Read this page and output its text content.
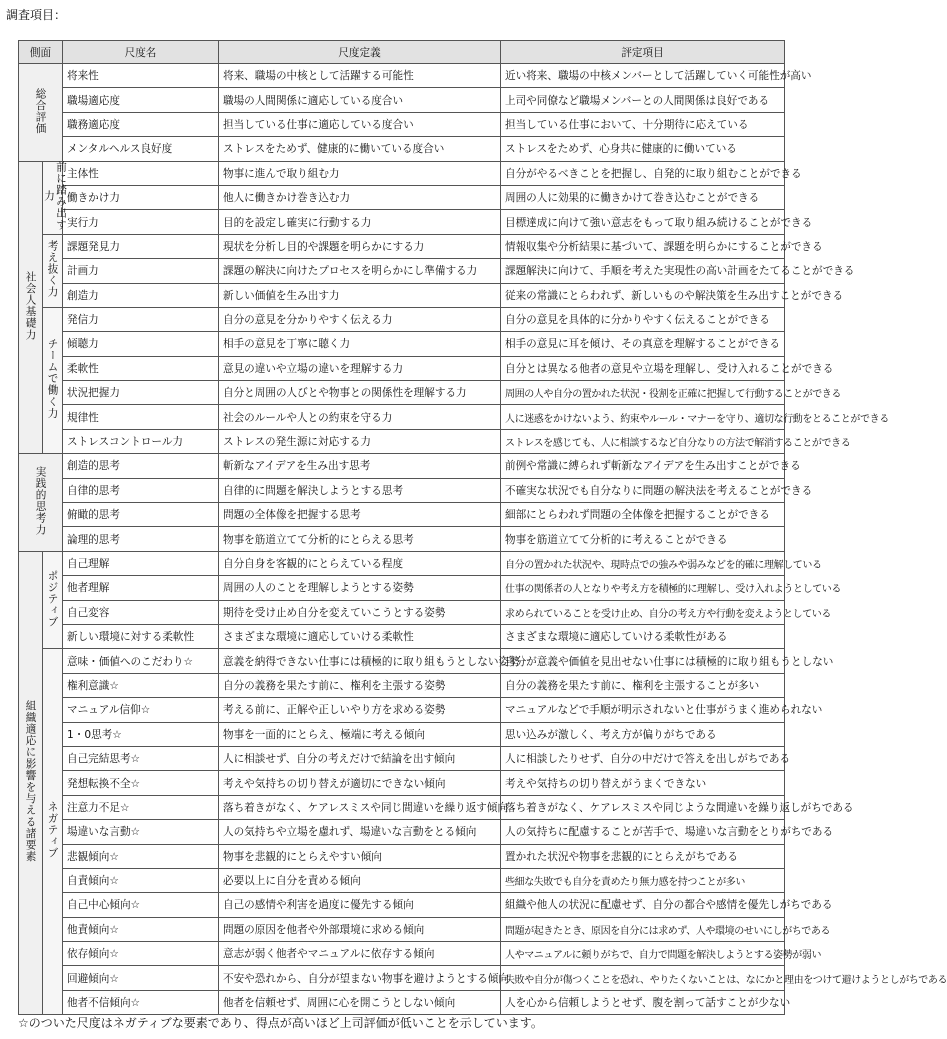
調査項目：
側面		尺度名	尺度定義	評定項目
総合評価		将来性	将来、職場の中核として活躍する可能性	近い将来、職場の中核メンバーとして活躍していく可能性が高い
		職場適応度	職場の人間関係に適応している度合い	上司や同僚など職場メンバーとの人間関係は良好である
		職務適応度	担当している仕事に適応している度合い	担当している仕事において、十分期待に応えている
		メンタルヘルス良好度	ストレスをためず、健康的に働いている度合い	ストレスをためず、心身共に健康的に働いている
社会人基礎力	前に踏み出す力	主体性	物事に進んで取り組む力	自分がやるべきことを把握し、自発的に取り組むことができる
		働きかけ力	他人に働きかけ巻き込む力	周囲の人に効果的に働きかけて巻き込むことができる
		実行力	目的を設定し確実に行動する力	目標達成に向けて強い意志をもって取り組み続けることができる
	考え抜く力	課題発見力	現状を分析し目的や課題を明らかにする力	情報収集や分析結果に基づいて、課題を明らかにすることができる
		計画力	課題の解決に向けたプロセスを明らかにし準備する力	課題解決に向けて、手順を考えた実現性の高い計画をたてることができる
		創造力	新しい価値を生み出す力	従来の常識にとらわれず、新しいものや解決策を生み出すことができる
	チームで働く力	発信力	自分の意見を分かりやすく伝える力	自分の意見を具体的に分かりやすく伝えることができる
		傾聴力	相手の意見を丁寧に聴く力	相手の意見に耳を傾け、その真意を理解することができる
		柔軟性	意見の違いや立場の違いを理解する力	自分とは異なる他者の意見や立場を理解し、受け入れることができる
		状況把握力	自分と周囲の人びとや物事との関係性を理解する力	周囲の人や自分の置かれた状況・役割を正確に把握して行動することができる
		規律性	社会のルールや人との約束を守る力	人に迷惑をかけないよう、約束やルール・マナーを守り、適切な行動をとることができる
		ストレスコントロール力	ストレスの発生源に対応する力	ストレスを感じても、人に相談するなど自分なりの方法で解消することができる
実践的思考力		創造的思考	斬新なアイデアを生み出す思考	前例や常識に縛られず斬新なアイデアを生み出すことができる
		自律的思考	自律的に問題を解決しようとする思考	不確実な状況でも自分なりに問題の解決法を考えることができる
		俯瞰的思考	問題の全体像を把握する思考	細部にとらわれず問題の全体像を把握することができる
		論理的思考	物事を筋道立てて分析的にとらえる思考	物事を筋道立てて分析的に考えることができる
組織適応に影響を与える諸要素	ポジティブ	自己理解	自分自身を客観的にとらえている程度	自分の置かれた状況や、現時点での強みや弱みなどを的確に理解している
		他者理解	周囲の人のことを理解しようとする姿勢	仕事の関係者の人となりや考え方を積極的に理解し、受け入れようとしている
		自己変容	期待を受け止め自分を変えていこうとする姿勢	求められていることを受け止め、自分の考え方や行動を変えようとしている
		新しい環境に対する柔軟性	さまざまな環境に適応していける柔軟性	さまざまな環境に適応していける柔軟性がある
	ネガティブ	意味・価値へのこだわり☆	意義を納得できない仕事には積極的に取り組もうとしない姿勢	自分が意義や価値を見出せない仕事には積極的に取り組もうとしない
		権利意識☆	自分の義務を果たす前に、権利を主張する姿勢	自分の義務を果たす前に、権利を主張することが多い
		マニュアル信仰☆	考える前に、正解や正しいやり方を求める姿勢	マニュアルなどで手順が明示されないと仕事がうまく進められない
		1・0思考☆	物事を一面的にとらえ、極端に考える傾向	思い込みが激しく、考え方が偏りがちである
		自己完結思考☆	人に相談せず、自分の考えだけで結論を出す傾向	人に相談したりせず、自分の中だけで答えを出しがちである
		発想転換不全☆	考えや気持ちの切り替えが適切にできない傾向	考えや気持ちの切り替えがうまくできない
		注意力不足☆	落ち着きがなく、ケアレスミスや同じ間違いを繰り返す傾向	落ち着きがなく、ケアレスミスや同じような間違いを繰り返しがちである
		場違いな言動☆	人の気持ちや立場を慮れず、場違いな言動をとる傾向	人の気持ちに配慮することが苦手で、場違いな言動をとりがちである
		悲観傾向☆	物事を悲観的にとらえやすい傾向	置かれた状況や物事を悲観的にとらえがちである
		自責傾向☆	必要以上に自分を責める傾向	些細な失敗でも自分を責めたり無力感を持つことが多い
		自己中心傾向☆	自己の感情や利害を過度に優先する傾向	組織や他人の状況に配慮せず、自分の都合や感情を優先しがちである
		他責傾向☆	問題の原因を他者や外部環境に求める傾向	問題が起きたとき、原因を自分には求めず、人や環境のせいにしがちである
		依存傾向☆	意志が弱く他者やマニュアルに依存する傾向	人やマニュアルに頼りがちで、自力で問題を解決しようとする姿勢が弱い
		回避傾向☆	不安や恐れから、自分が望まない物事を避けようとする傾向	失敗や自分が傷つくことを恐れ、やりたくないことは、なにかと理由をつけて避けようとしがちである
		他者不信傾向☆	他者を信頼せず、周囲に心を開こうとしない傾向	人を心から信頼しようとせず、腹を割って話すことが少ない
☆のついた尺度はネガティブな要素であり、得点が高いほど上司評価が低いことを示しています。
